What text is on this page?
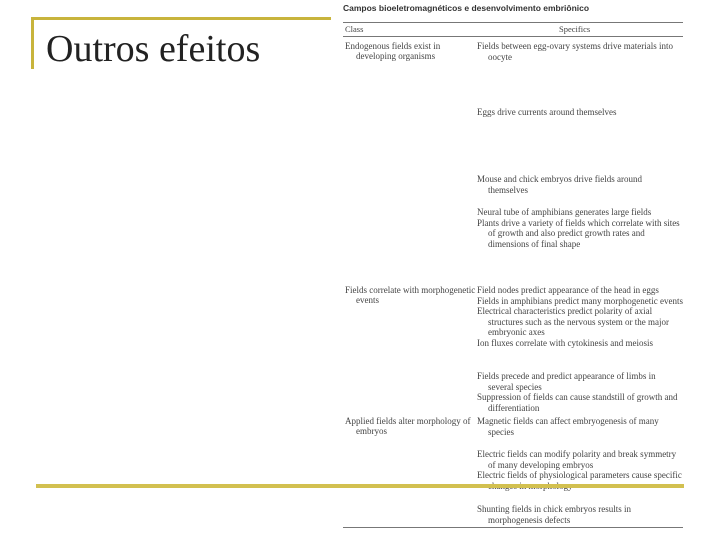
Outros efeitos
Campos bioeletromagnéticos e desenvolvimento embriônico
Class	Specifics
Endogenous fields exist in developing organisms
Fields between egg-ovary systems drive materials into oocyte
Eggs drive currents around themselves
Mouse and chick embryos drive fields around themselves
Neural tube of amphibians generates large fields
Plants drive a variety of fields which correlate with sites of growth and also predict growth rates and dimensions of final shape
Fields correlate with morphogenetic events
Field nodes predict appearance of the head in eggs
Fields in amphibians predict many morphogenetic events
Electrical characteristics predict polarity of axial structures such as the nervous system or the major embryonic axes
Ion fluxes correlate with cytokinesis and meiosis
Fields precede and predict appearance of limbs in several species
Suppression of fields can cause standstill of growth and differentiation
Applied fields alter morphology of embryos
Magnetic fields can affect embryogenesis of many species
Electric fields can modify polarity and break symmetry of many developing embryos
Electric fields of physiological parameters cause specific
Shunting fields in chick embryos results in morphogenesis defects
